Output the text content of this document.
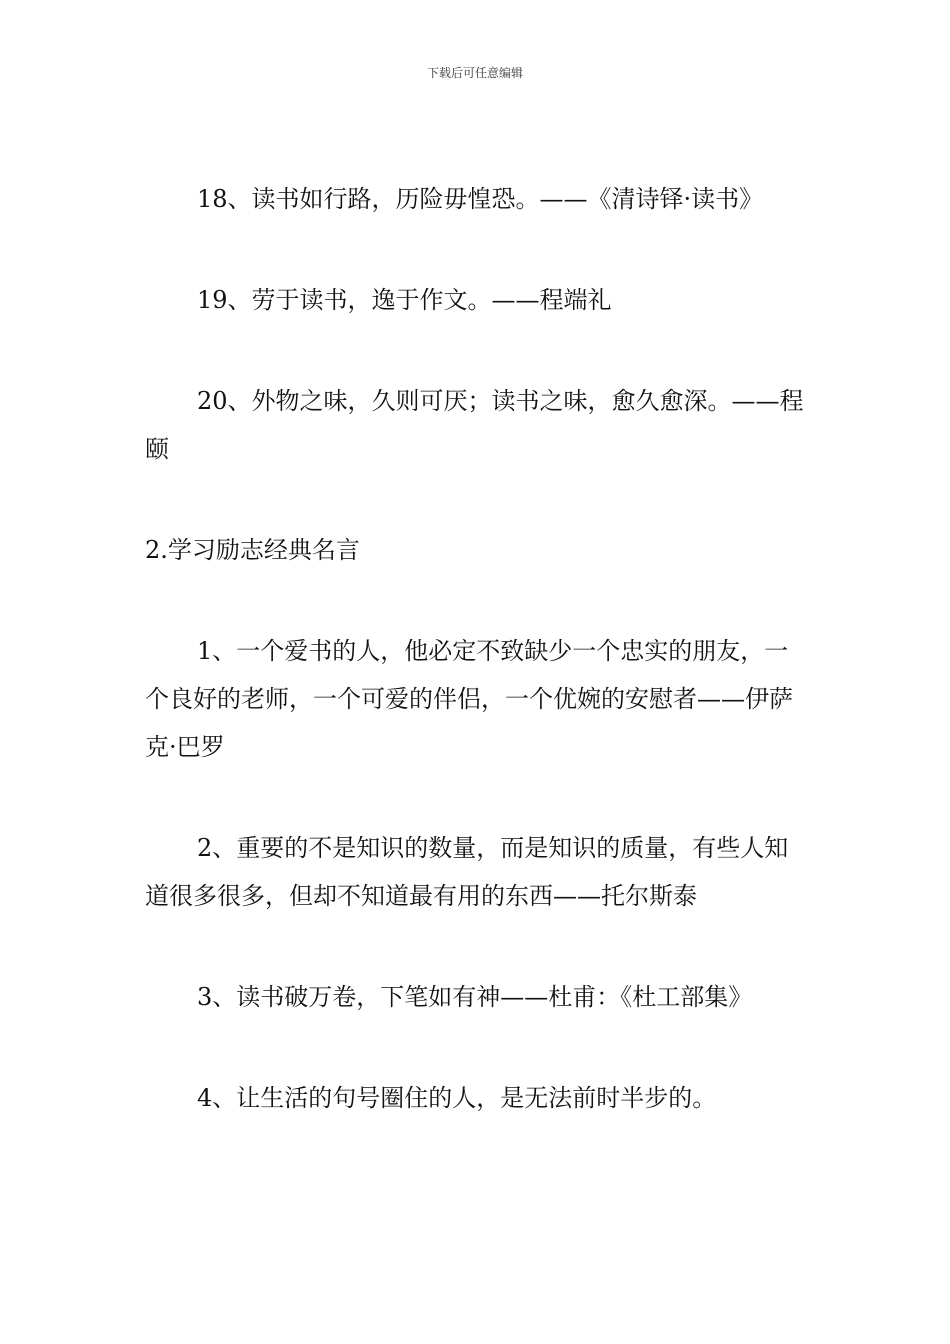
下载后可任意编辑

18、读书如行路，历险毋惶恐。——《清诗铎·读书》

19、劳于读书，逸于作文。——程端礼

20、外物之味，久则可厌；读书之味，愈久愈深。——程颐

2.学习励志经典名言

1、一个爱书的人，他必定不致缺少一个忠实的朋友，一个良好的老师，一个可爱的伴侣，一个优婉的安慰者——伊萨克·巴罗

2、重要的不是知识的数量，而是知识的质量，有些人知道很多很多，但却不知道最有用的东西——托尔斯泰

3、读书破万卷，下笔如有神——杜甫：《杜工部集》

4、让生活的句号圈住的人，是无法前时半步的。
